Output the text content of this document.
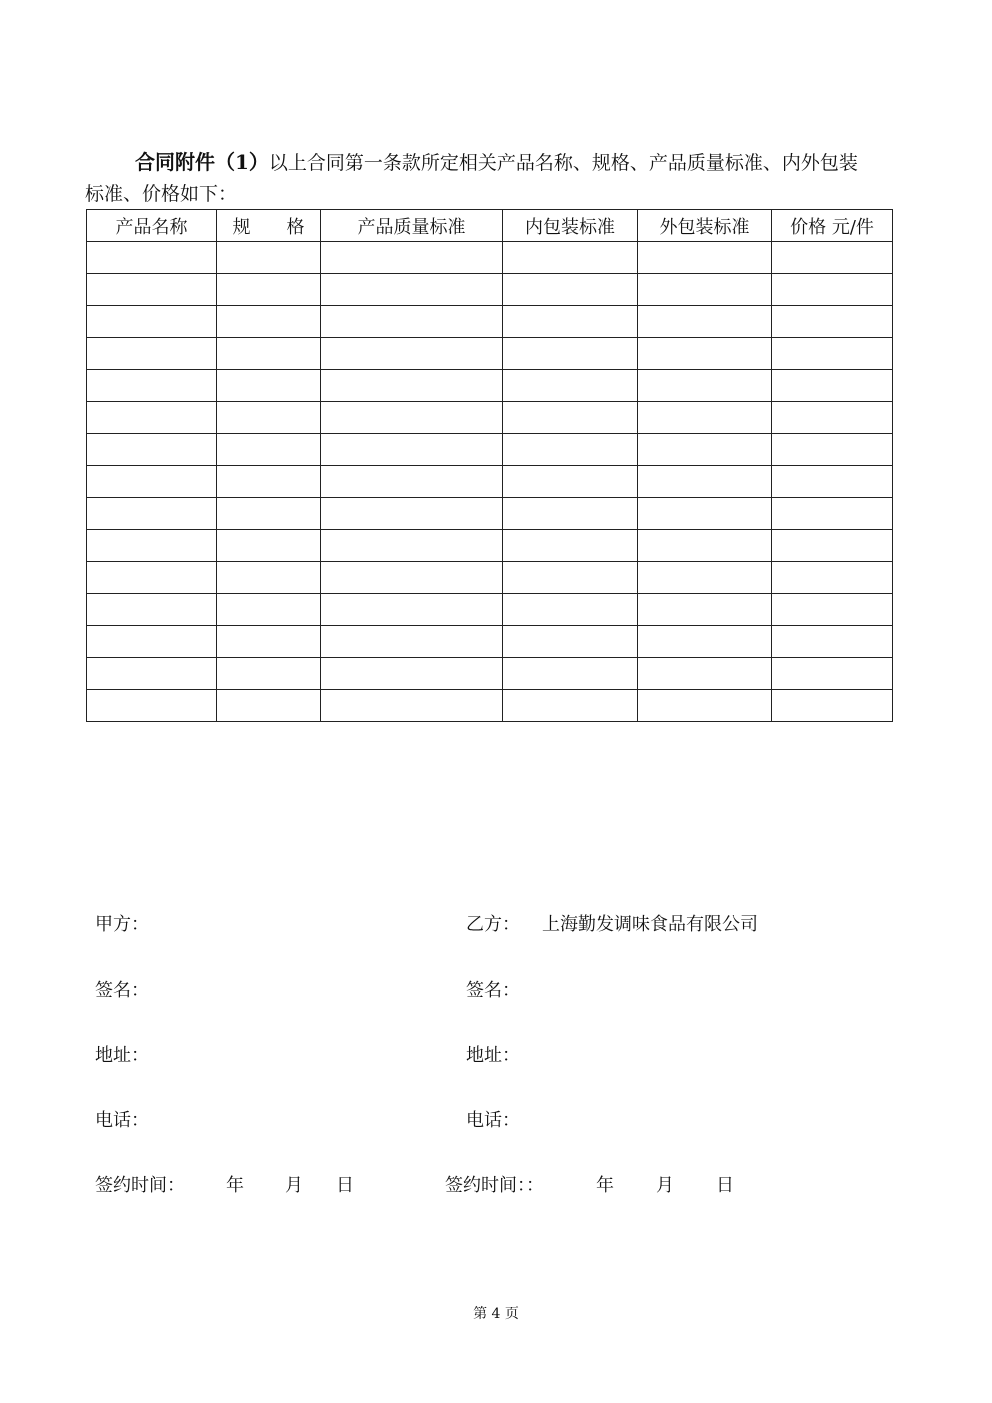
合同附件（1）以上合同第一条款所定相关产品名称、规格、产品质量标准、内外包装
标准、价格如下：
产品名称	规　　格	产品质量标准	内包装标准	外包装标准	价格 元/件

甲方：
签名：
地址：
电话：
签约时间： 年 月 日
乙方： 上海勤发调味食品有限公司
签名：
地址：
电话：
签约时间：：	年 月 日
第 4 页
